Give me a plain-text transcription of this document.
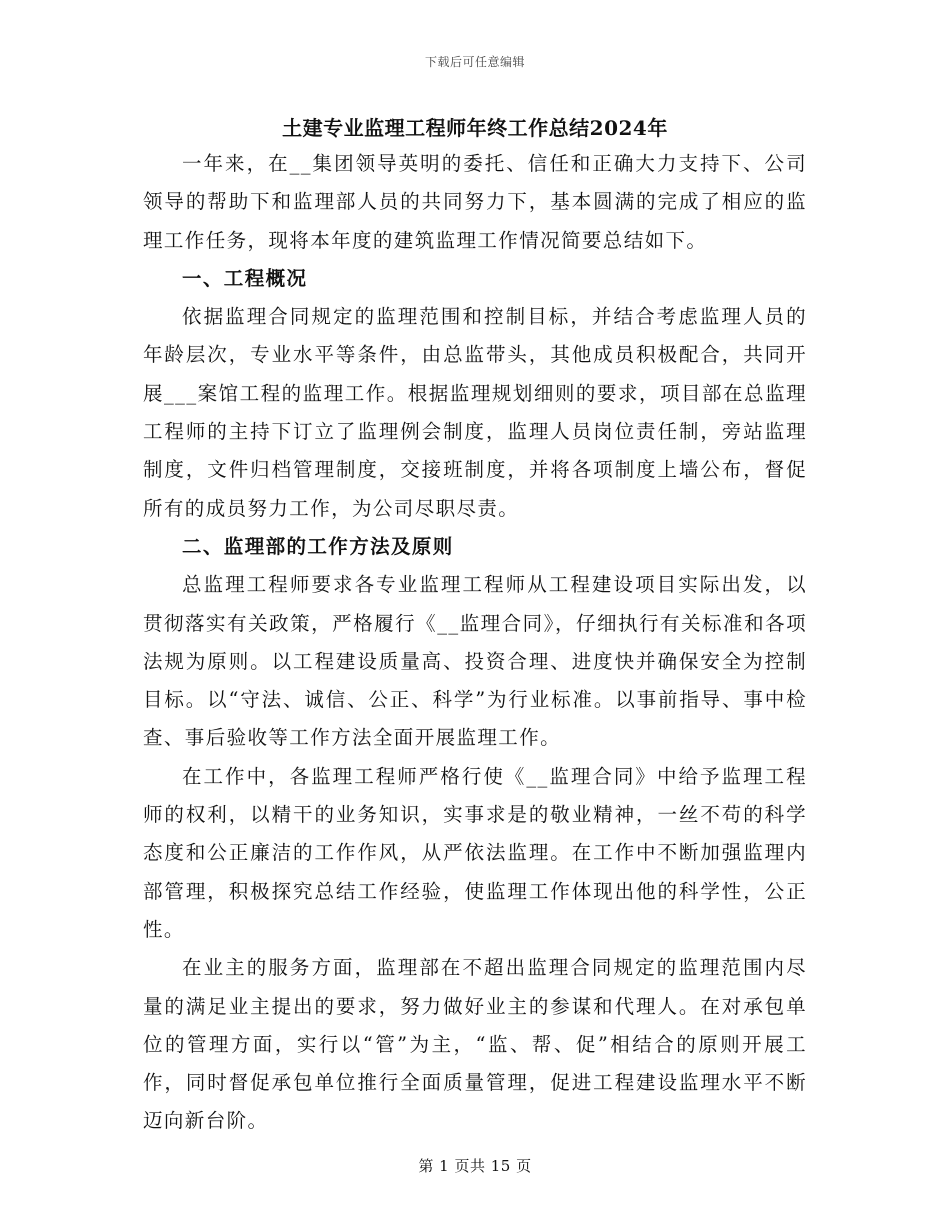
下载后可任意编辑

土建专业监理工程师年终工作总结2024年

一年来，在__集团领导英明的委托、信任和正确大力支持下、公司领导的帮助下和监理部人员的共同努力下，基本圆满的完成了相应的监理工作任务，现将本年度的建筑监理工作情况简要总结如下。

一、工程概况

依据监理合同规定的监理范围和控制目标，并结合考虑监理人员的年龄层次，专业水平等条件，由总监带头，其他成员积极配合，共同开展___案馆工程的监理工作。根据监理规划细则的要求，项目部在总监理工程师的主持下订立了监理例会制度，监理人员岗位责任制，旁站监理制度，文件归档管理制度，交接班制度，并将各项制度上墙公布，督促所有的成员努力工作，为公司尽职尽责。

二、监理部的工作方法及原则

总监理工程师要求各专业监理工程师从工程建设项目实际出发，以贯彻落实有关政策，严格履行《__监理合同》，仔细执行有关标准和各项法规为原则。以工程建设质量高、投资合理、进度快并确保安全为控制目标。以“守法、诚信、公正、科学”为行业标准。以事前指导、事中检查、事后验收等工作方法全面开展监理工作。

在工作中，各监理工程师严格行使《__监理合同》中给予监理工程师的权利，以精干的业务知识，实事求是的敬业精神，一丝不苟的科学态度和公正廉洁的工作作风，从严依法监理。在工作中不断加强监理内部管理，积极探究总结工作经验，使监理工作体现出他的科学性，公正性。

在业主的服务方面，监理部在不超出监理合同规定的监理范围内尽量的满足业主提出的要求，努力做好业主的参谋和代理人。在对承包单位的管理方面，实行以“管”为主，“监、帮、促”相结合的原则开展工作，同时督促承包单位推行全面质量管理，促进工程建设监理水平不断迈向新台阶。

第 1 页共 15 页
